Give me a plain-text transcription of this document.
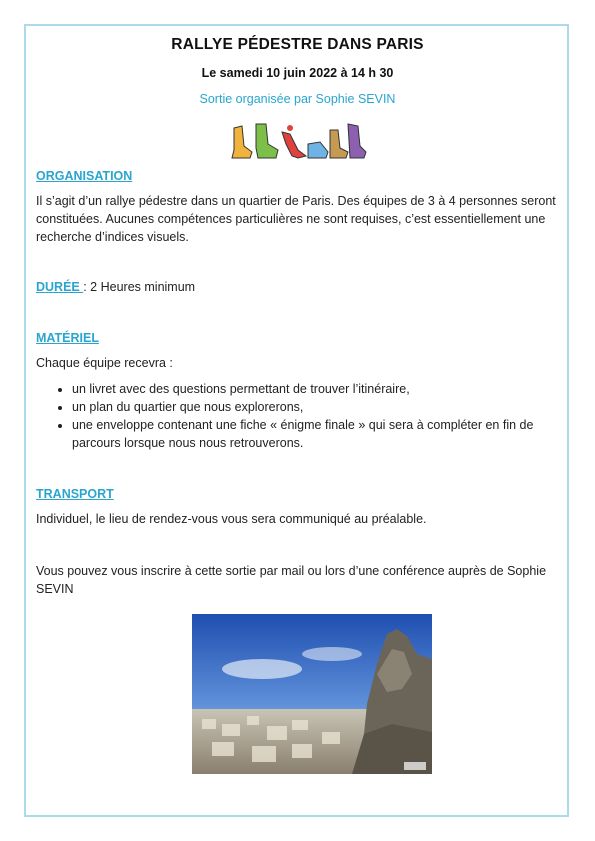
RALLYE PÉDESTRE DANS PARIS
Le samedi 10 juin 2022 à 14 h 30
Sortie organisée par Sophie SEVIN
ORGANISATION
Il s’agit d’un rallye pédestre dans un quartier de Paris. Des équipes de 3 à 4 personnes seront constituées. Aucunes compétences particulières ne sont requises, c’est essentiellement une recherche d’indices visuels.
DURÉE : 2 Heures minimum
MATÉRIEL
Chaque équipe recevra :
• un livret avec des questions permettant de trouver l’itinéraire,
• un plan du quartier que nous explorerons,
• une enveloppe contenant une fiche « énigme finale » qui sera à compléter en fin de parcours lorsque nous nous retrouverons.
TRANSPORT
Individuel, le lieu de rendez-vous vous sera communiqué au préalable.
Vous pouvez vous inscrire à cette sortie par mail ou lors d’une conférence auprès de Sophie SEVIN
